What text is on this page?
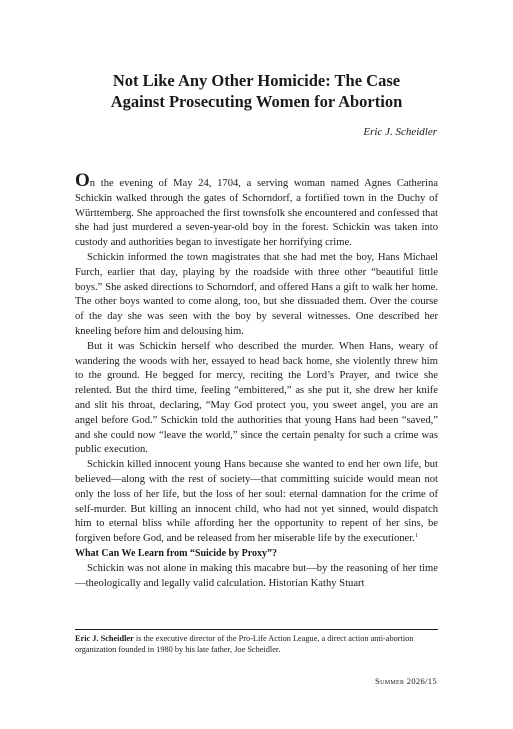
Not Like Any Other Homicide: The Case
Against Prosecuting Women for Abortion
Eric J. Scheidler

On the evening of May 24, 1704, a serving woman named Agnes Catherina Schickin walked through the gates of Schorndorf, a fortified town in the Duchy of Württemberg. She approached the first townsfolk she encountered and confessed that she had just murdered a seven-year-old boy in the forest. Schickin was taken into custody and authorities began to investigate her horrifying crime.

Schickin informed the town magistrates that she had met the boy, Hans Michael Furch, earlier that day, playing by the roadside with three other “beautiful little boys.” She asked directions to Schorndorf, and offered Hans a gift to walk her home. The other boys wanted to come along, too, but she dissuaded them. Over the course of the day she was seen with the boy by several witnesses. One described her kneeling before him and delousing him.

But it was Schickin herself who described the murder. When Hans, weary of wandering the woods with her, essayed to head back home, she violently threw him to the ground. He begged for mercy, reciting the Lord’s Prayer, and twice she relented. But the third time, feeling “embittered,” as she put it, she drew her knife and slit his throat, declaring, “May God protect you, you sweet angel, you are an angel before God.” Schickin told the authorities that young Hans had been “saved,” and she could now “leave the world,” since the certain penalty for such a crime was public execution.

Schickin killed innocent young Hans because she wanted to end her own life, but believed—along with the rest of society—that committing suicide would mean not only the loss of her life, but the loss of her soul: eternal damnation for the crime of self-murder. But killing an innocent child, who had not yet sinned, would dispatch him to eternal bliss while affording her the opportunity to repent of her sins, be forgiven before God, and be released from her miserable life by the executioner.$^1$

What Can We Learn from “Suicide by Proxy”?

Schickin was not alone in making this macabre but—by the reasoning of her time—theologically and legally valid calculation. Historian Kathy Stuart

Eric J. Scheidler is the executive director of the Pro-Life Action League, a direct action anti-abortion organization founded in 1980 by his late father, Joe Scheidler.
Summer 2026/15
